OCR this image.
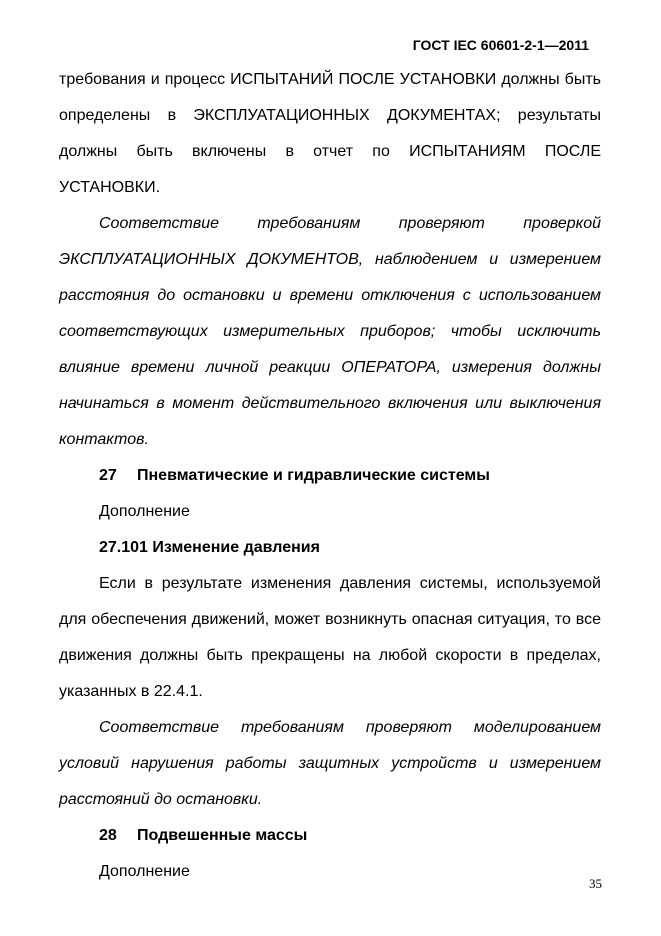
ГОСТ IEC 60601-2-1—2011

требования и процесс ИСПЫТАНИЙ ПОСЛЕ УСТАНОВКИ должны быть определены в ЭКСПЛУАТАЦИОННЫХ ДОКУМЕНТАХ; результаты должны быть включены в отчет по ИСПЫТАНИЯМ ПОСЛЕ УСТАНОВКИ.

Соответствие требованиям проверяют проверкой ЭКСПЛУАТАЦИОННЫХ ДОКУМЕНТОВ, наблюдением и измерением расстояния до остановки и времени отключения с использованием соответствующих измерительных приборов; чтобы исключить влияние времени личной реакции ОПЕРАТОРА, измерения должны начинаться в момент действительного включения или выключения контактов.

27 Пневматические и гидравлические системы
Дополнение
27.101 Изменение давления

Если в результате изменения давления системы, используемой для обеспечения движений, может возникнуть опасная ситуация, то все движения должны быть прекращены на любой скорости в пределах, указанных в 22.4.1.

Соответствие требованиям проверяют моделированием условий нарушения работы защитных устройств и измерением расстояний до остановки.

28 Подвешенные массы
Дополнение
35
